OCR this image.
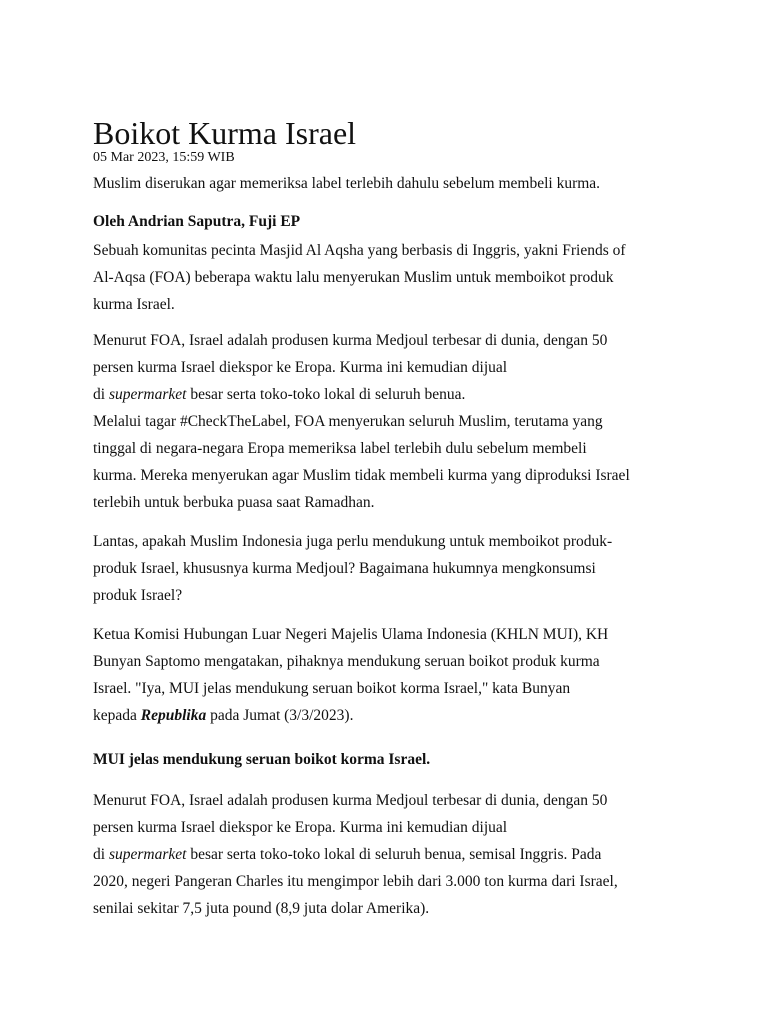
Boikot Kurma Israel
05 Mar 2023, 15:59 WIB

Muslim diserukan agar memeriksa label terlebih dahulu sebelum membeli kurma.

Oleh Andrian Saputra, Fuji EP

Sebuah komunitas pecinta Masjid Al Aqsha yang berbasis di Inggris, yakni Friends of
Al-Aqsa (FOA) beberapa waktu lalu menyerukan Muslim untuk memboikot produk
kurma Israel.
Menurut FOA, Israel adalah produsen kurma Medjoul terbesar di dunia, dengan 50
persen kurma Israel diekspor ke Eropa. Kurma ini kemudian dijual
di supermarket besar serta toko-toko lokal di seluruh benua.
Melalui tagar #CheckTheLabel, FOA menyerukan seluruh Muslim, terutama yang
tinggal di negara-negara Eropa memeriksa label terlebih dulu sebelum membeli
kurma. Mereka menyerukan agar Muslim tidak membeli kurma yang diproduksi Israel
terlebih untuk berbuka puasa saat Ramadhan.
Lantas, apakah Muslim Indonesia juga perlu mendukung untuk memboikot produk-
produk Israel, khususnya kurma Medjoul? Bagaimana hukumnya mengkonsumsi
produk Israel?
Ketua Komisi Hubungan Luar Negeri Majelis Ulama Indonesia (KHLN MUI), KH
Bunyan Saptomo mengatakan, pihaknya mendukung seruan boikot produk kurma
Israel. "Iya, MUI jelas mendukung seruan boikot korma Israel," kata Bunyan
kepada Republika pada Jumat (3/3/2023).

MUI jelas mendukung seruan boikot korma Israel.

Menurut FOA, Israel adalah produsen kurma Medjoul terbesar di dunia, dengan 50
persen kurma Israel diekspor ke Eropa. Kurma ini kemudian dijual
di supermarket besar serta toko-toko lokal di seluruh benua, semisal Inggris. Pada
2020, negeri Pangeran Charles itu mengimpor lebih dari 3.000 ton kurma dari Israel,
senilai sekitar 7,5 juta pound (8,9 juta dolar Amerika).
